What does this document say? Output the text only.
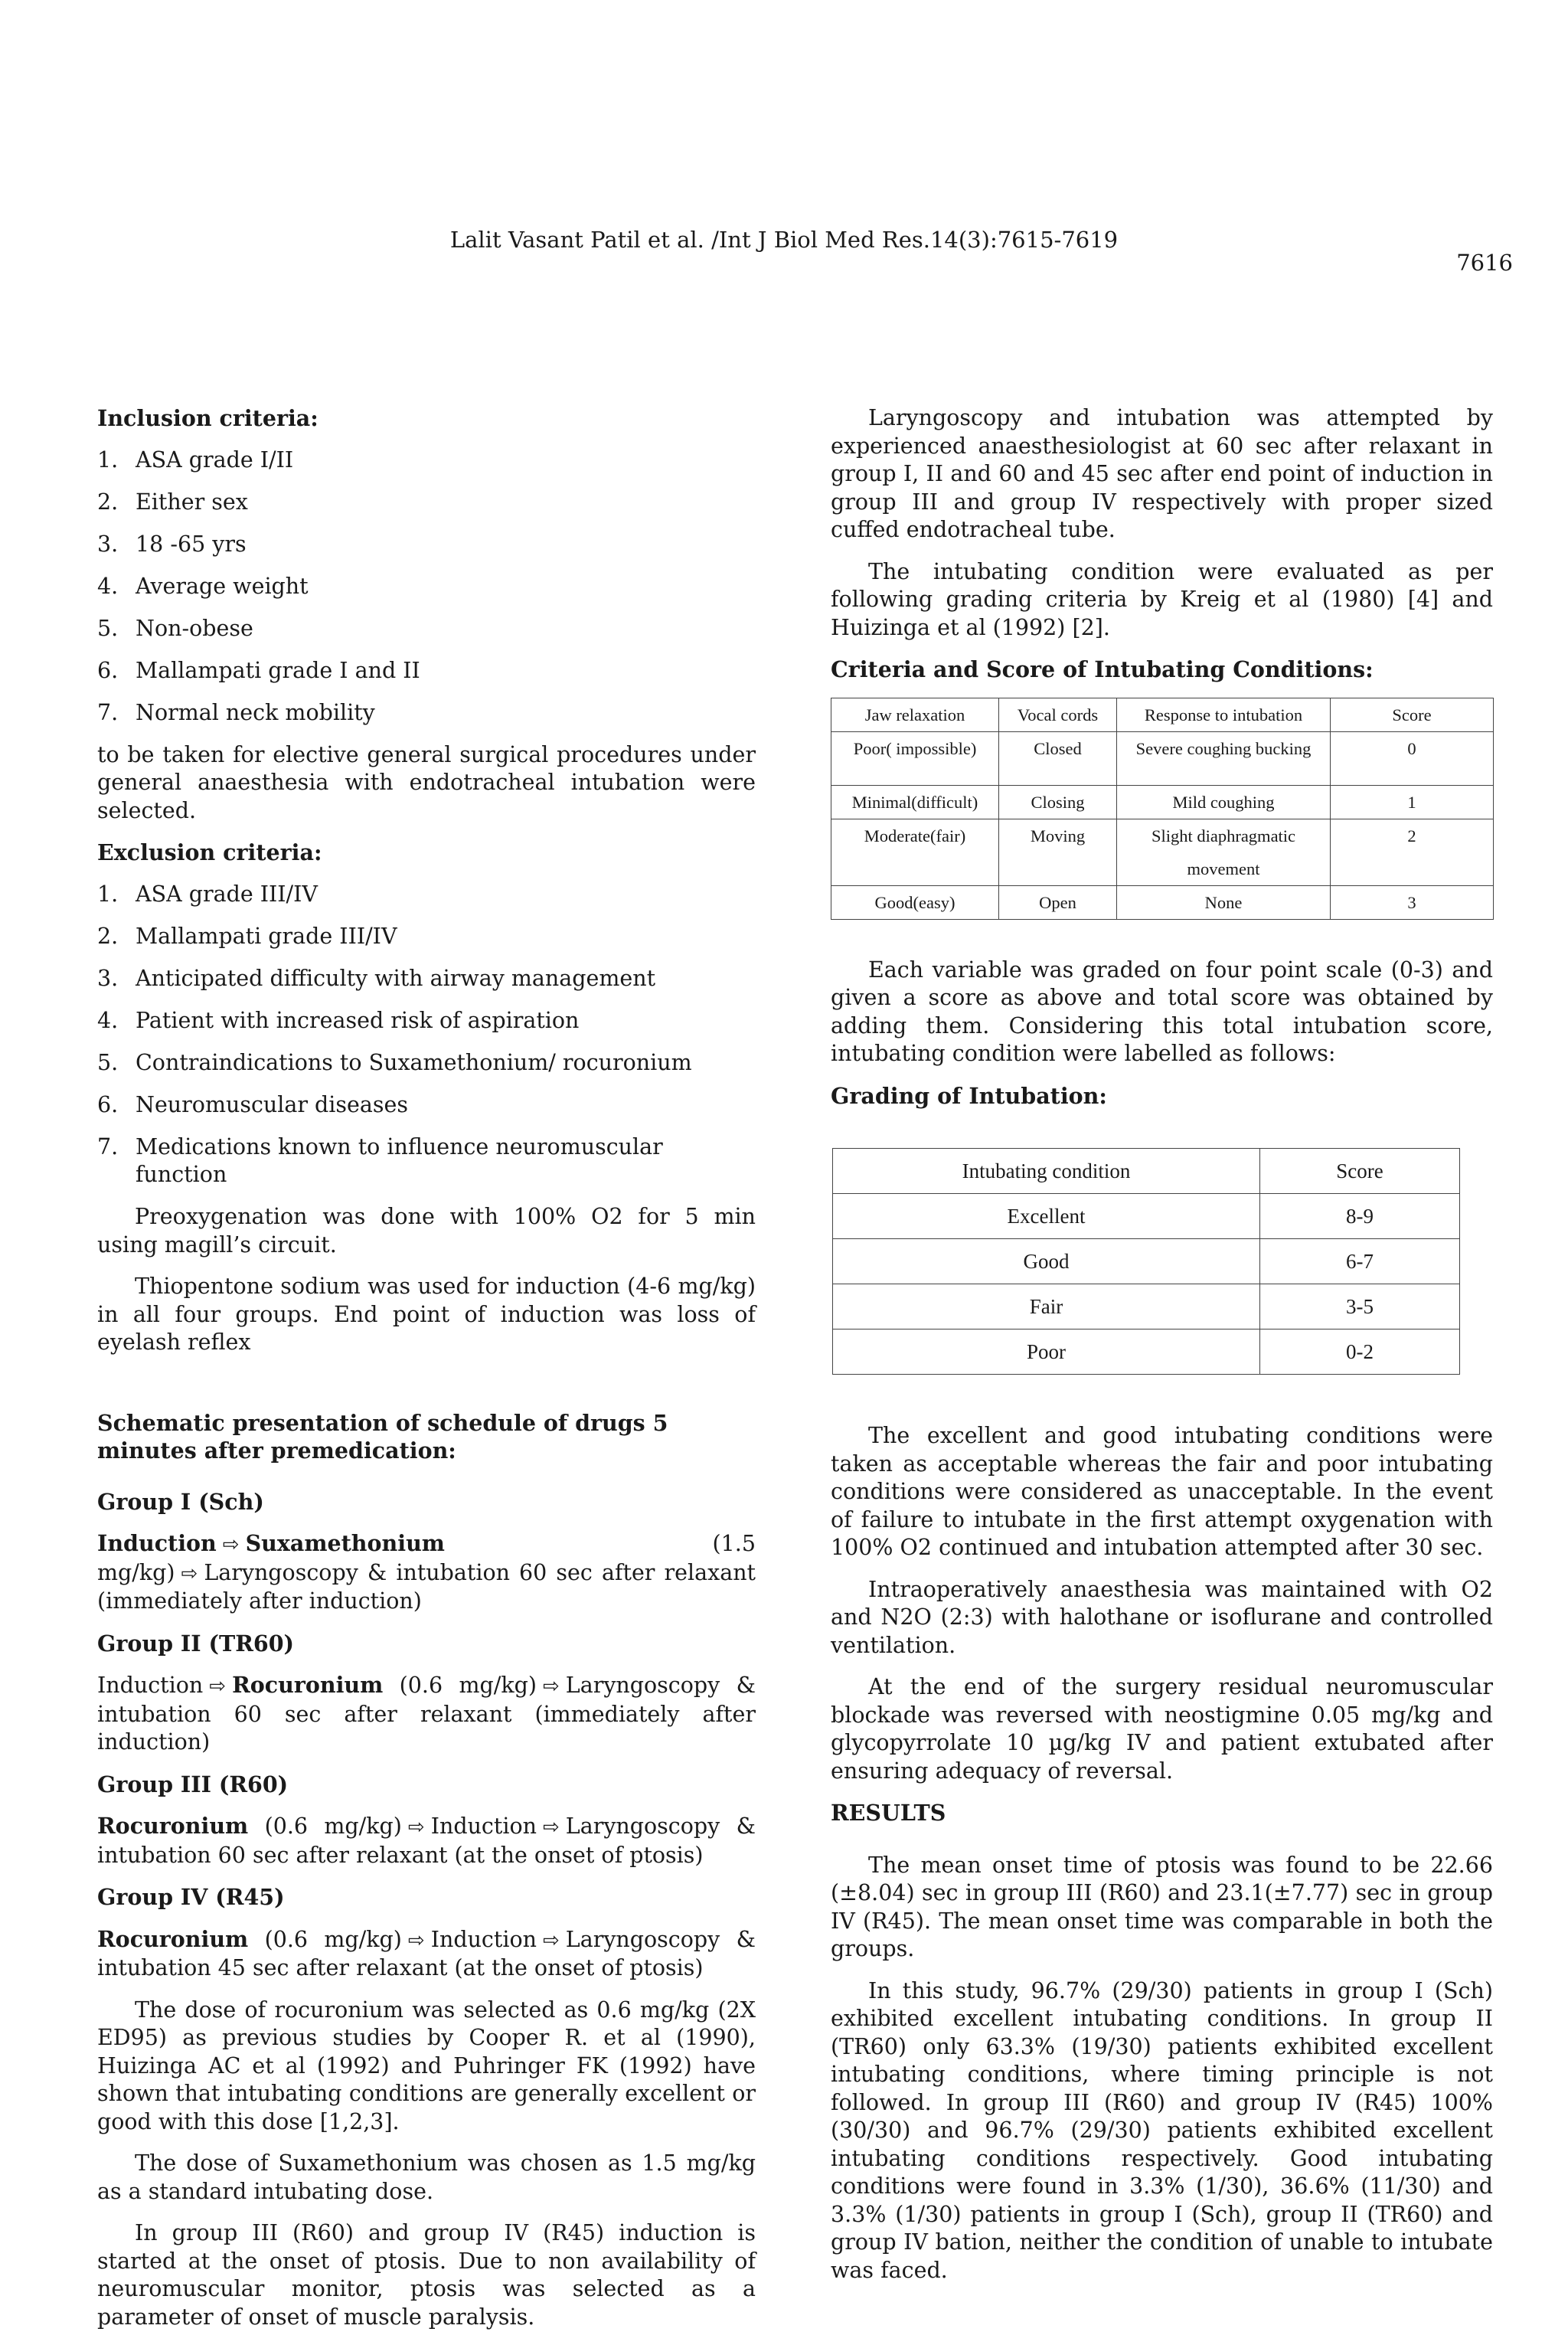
Lalit Vasant Patil et al. /Int J Biol Med Res.14(3):7615-7619
7616
Inclusion criteria:
1. ASA grade I/II
2. Either sex
3. 18 -65 yrs
4. Average weight
5. Non-obese
6. Mallampati grade I and II
7. Normal neck mobility

to be taken for elective general surgical procedures under general anaesthesia with endotracheal intubation were selected.

Exclusion criteria:
1. ASA grade III/IV
2. Mallampati grade III/IV
3. Anticipated difficulty with airway management
4. Patient with increased risk of aspiration
5. Contraindications to Suxamethonium/ rocuronium
6. Neuromuscular diseases
7. Medications known to influence neuromuscular function

Preoxygenation was done with 100% O2 for 5 min using magill’s circuit.

Thiopentone sodium was used for induction (4-6 mg/kg) in all four groups. End point of induction was loss of eyelash reflex

Schematic presentation of schedule of drugs 5 minutes after premedication:
Group I (Sch)

Induction ⇨ Suxamethonium	(1.5 mg/kg) ⇨ Laryngoscopy & intubation 60 sec after relaxant (immediately after induction)

Group II (TR60)

Induction ⇨ Rocuronium (0.6 mg/kg) ⇨ Laryngoscopy & intubation 60 sec after relaxant (immediately after induction)

Group III (R60)

Rocuronium (0.6 mg/kg) ⇨ Induction ⇨ Laryngoscopy & intubation 60 sec after relaxant (at the onset of ptosis)

Group IV (R45)

Rocuronium (0.6 mg/kg) ⇨ Induction ⇨ Laryngoscopy & intubation 45 sec after relaxant (at the onset of ptosis)

The dose of rocuronium was selected as 0.6 mg/kg (2X ED95) as previous studies by Cooper R. et al (1990), Huizinga AC et al (1992) and Puhringer FK (1992) have shown that intubating conditions are generally excellent or good with this dose [1,2,3].

The dose of Suxamethonium was chosen as 1.5 mg/kg as a standard intubating dose.

In group III (R60) and group IV (R45) induction is started at the onset of ptosis. Due to non availability of neuromuscular monitor, ptosis was selected as a parameter of onset of muscle paralysis.

Laryngoscopy and intubation was attempted by experienced anaesthesiologist at 60 sec after relaxant in group I, II and 60 and 45 sec after end point of induction in group III and group IV respectively with proper sized cuffed endotracheal tube.

The intubating condition were evaluated as per following grading criteria by Kreig et al (1980) [4] and Huizinga et al (1992) [2].

Criteria and Score of Intubating Conditions:
Jaw relaxation	Vocal cords	Response to intubation	Score
Poor( impossible)	Closed	Severe coughing bucking	0
Minimal(difficult)	Closing	Mild coughing	1
Moderate(fair)	Moving	Slight diaphragmatic movement	2
Good(easy)	Open	None	3

Each variable was graded on four point scale (0-3) and given a score as above and total score was obtained by adding them. Considering this total intubation score, intubating condition were labelled as follows:

Grading of Intubation:
Intubating condition	Score
Excellent	8-9
Good	6-7
Fair	3-5
Poor	0-2

The excellent and good intubating conditions were taken as acceptable whereas the fair and poor intubating conditions were considered as unacceptable. In the event of failure to intubate in the first attempt oxygenation with 100% O2 continued and intubation attempted after 30 sec.

Intraoperatively anaesthesia was maintained with O2 and N2O (2:3) with halothane or isoflurane and controlled ventilation.

At the end of the surgery residual neuromuscular blockade was reversed with neostigmine 0.05 mg/kg and glycopyrrolate 10 µg/kg IV and patient extubated after ensuring adequacy of reversal.

RESULTS

The mean onset time of ptosis was found to be 22.66 (±8.04) sec in group III (R60) and 23.1(±7.77) sec in group IV (R45). The mean onset time was comparable in both the groups.

In this study, 96.7% (29/30) patients in group I (Sch) exhibited excellent intubating conditions. In group II (TR60) only 63.3% (19/30) patients exhibited excellent intubating conditions, where timing principle is not followed. In group III (R60) and group IV (R45) 100% (30/30) and 96.7% (29/30) patients exhibited excellent intubating conditions respectively. Good intubating conditions were found in 3.3% (1/30), 36.6% (11/30) and 3.3% (1/30) patients in group I (Sch), group II (TR60) and group IV bation, neither the condition of unable to intubate was faced.
